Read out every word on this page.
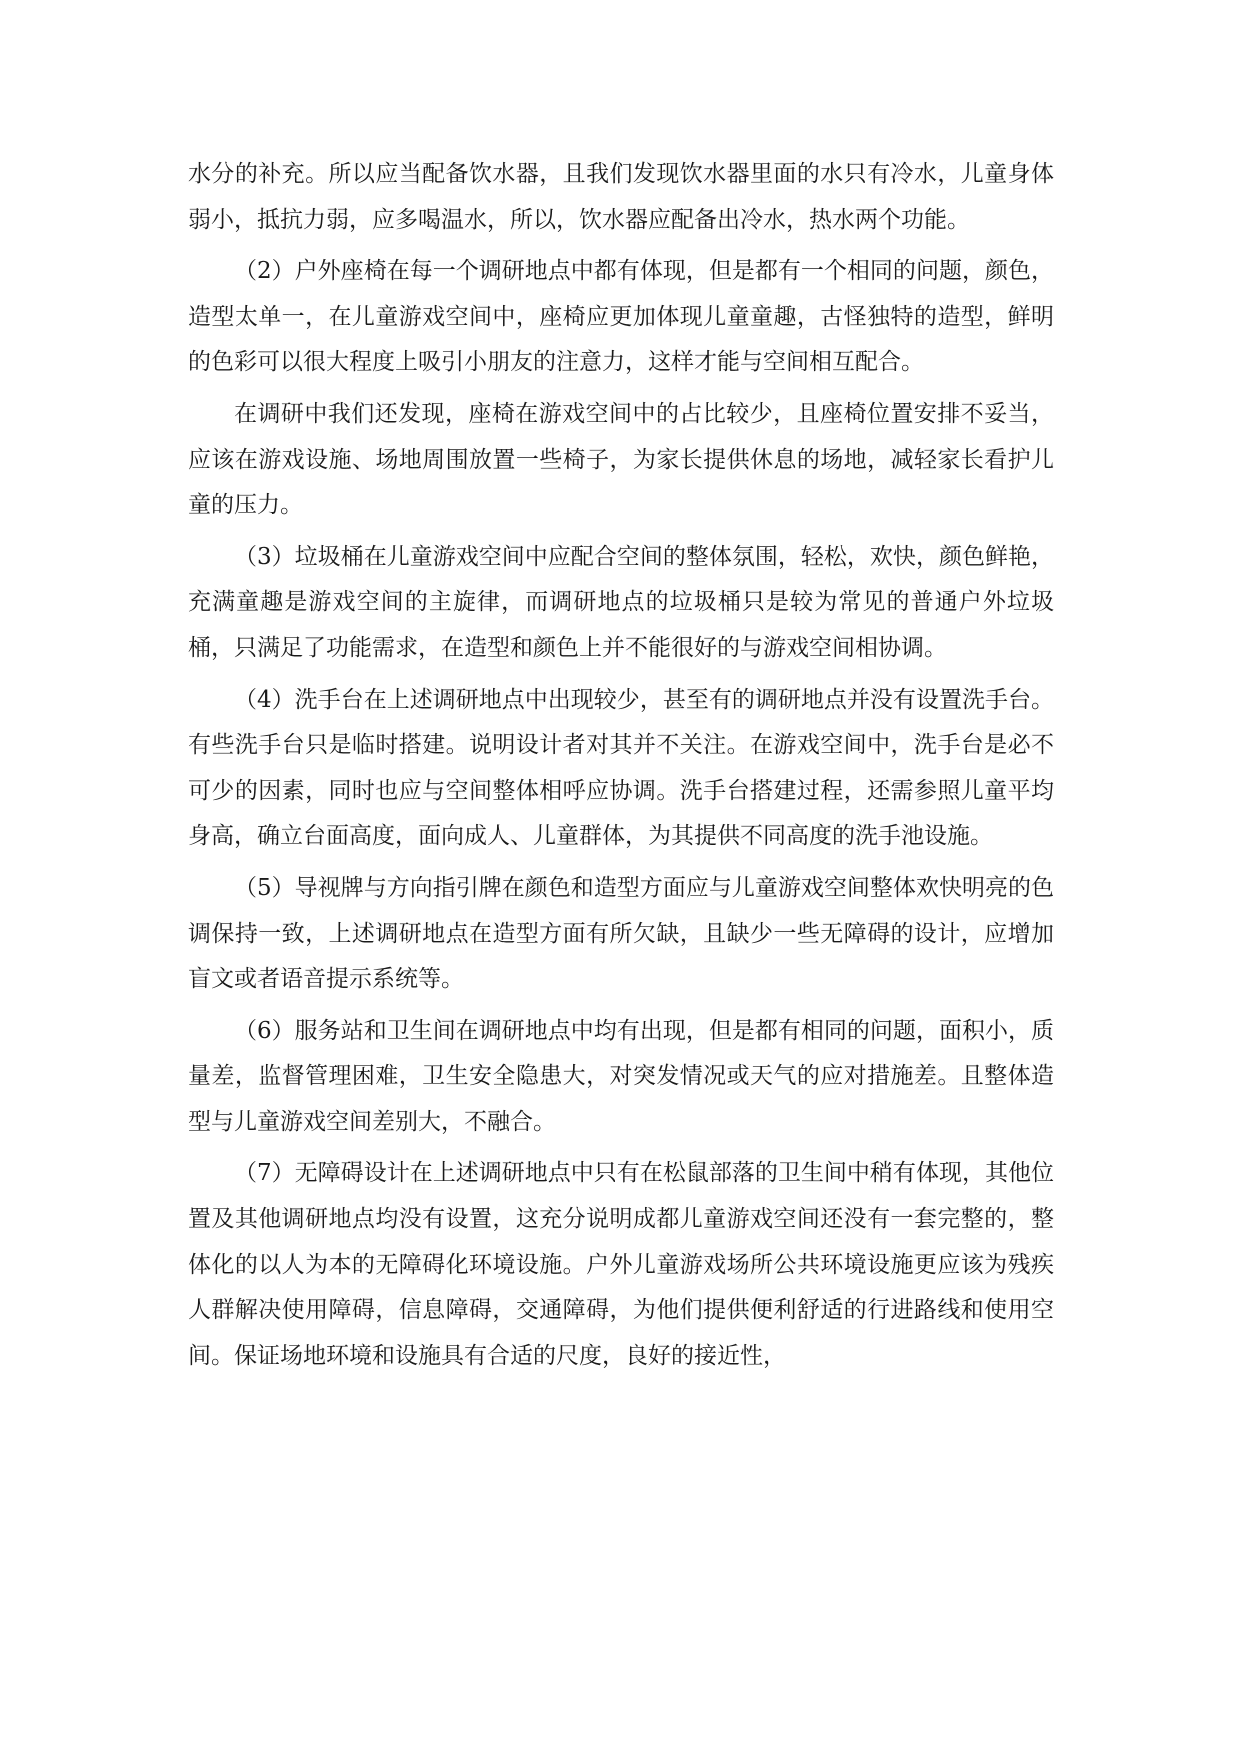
水分的补充。所以应当配备饮水器，且我们发现饮水器里面的水只有冷水，儿童身体弱小，抵抗力弱，应多喝温水，所以，饮水器应配备出冷水，热水两个功能。

（2）户外座椅在每一个调研地点中都有体现，但是都有一个相同的问题，颜色，造型太单一，在儿童游戏空间中，座椅应更加体现儿童童趣，古怪独特的造型，鲜明的色彩可以很大程度上吸引小朋友的注意力，这样才能与空间相互配合。

在调研中我们还发现，座椅在游戏空间中的占比较少，且座椅位置安排不妥当，应该在游戏设施、场地周围放置一些椅子，为家长提供休息的场地，减轻家长看护儿童的压力。

（3）垃圾桶在儿童游戏空间中应配合空间的整体氛围，轻松，欢快，颜色鲜艳，充满童趣是游戏空间的主旋律，而调研地点的垃圾桶只是较为常见的普通户外垃圾桶，只满足了功能需求，在造型和颜色上并不能很好的与游戏空间相协调。

（4）洗手台在上述调研地点中出现较少，甚至有的调研地点并没有设置洗手台。有些洗手台只是临时搭建。说明设计者对其并不关注。在游戏空间中，洗手台是必不可少的因素，同时也应与空间整体相呼应协调。洗手台搭建过程，还需参照儿童平均身高，确立台面高度，面向成人、儿童群体，为其提供不同高度的洗手池设施。

（5）导视牌与方向指引牌在颜色和造型方面应与儿童游戏空间整体欢快明亮的色调保持一致，上述调研地点在造型方面有所欠缺，且缺少一些无障碍的设计，应增加盲文或者语音提示系统等。

（6）服务站和卫生间在调研地点中均有出现，但是都有相同的问题，面积小，质量差，监督管理困难，卫生安全隐患大，对突发情况或天气的应对措施差。且整体造型与儿童游戏空间差别大，不融合。

（7）无障碍设计在上述调研地点中只有在松鼠部落的卫生间中稍有体现，其他位置及其他调研地点均没有设置，这充分说明成都儿童游戏空间还没有一套完整的，整体化的以人为本的无障碍化环境设施。户外儿童游戏场所公共环境设施更应该为残疾人群解决使用障碍，信息障碍，交通障碍，为他们提供便利舒适的行进路线和使用空间。保证场地环境和设施具有合适的尺度，良好的接近性，
